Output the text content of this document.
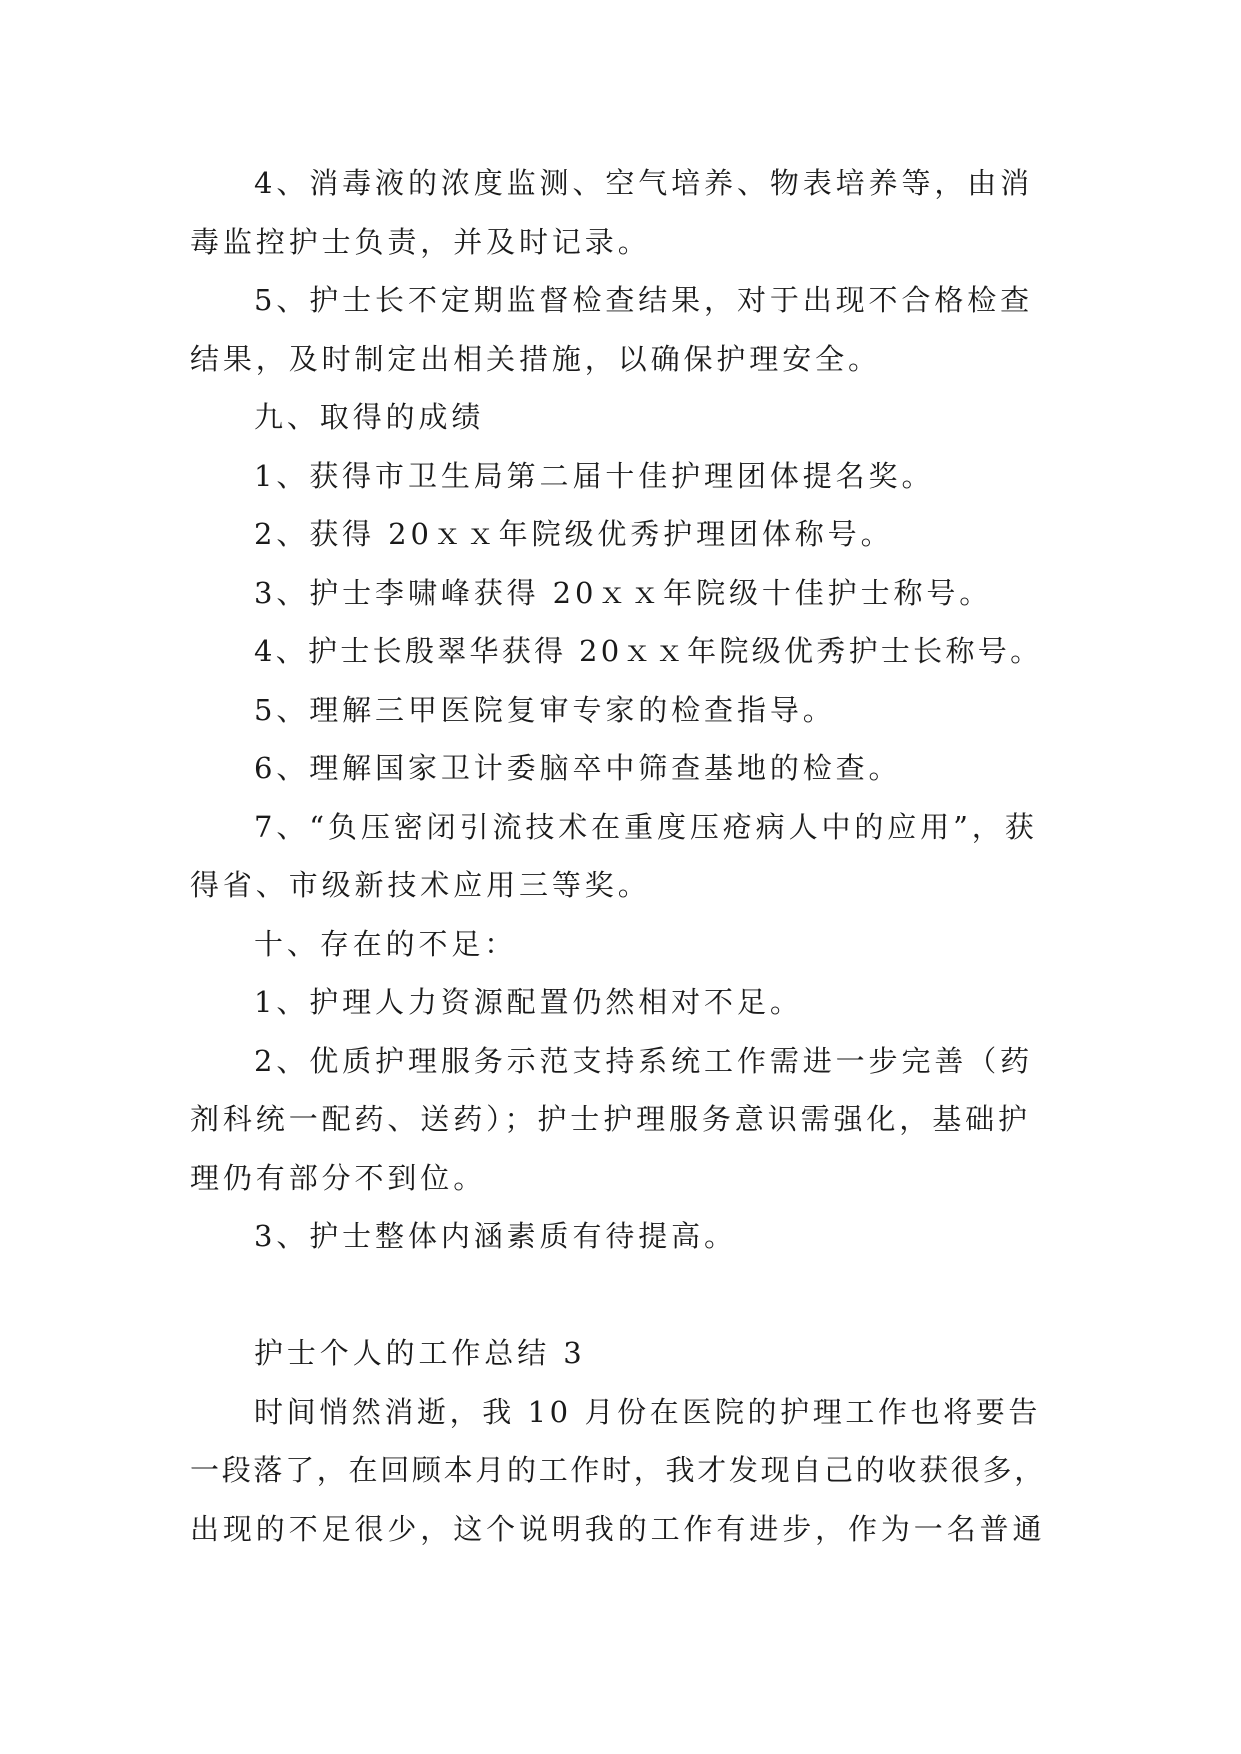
4、消毒液的浓度监测、空气培养、物表培养等，由消

毒监控护士负责，并及时记录。

5、护士长不定期监督检查结果，对于出现不合格检查

结果，及时制定出相关措施，以确保护理安全。

九、取得的成绩

1、获得市卫生局第二届十佳护理团体提名奖。

2、获得 20ｘｘ年院级优秀护理团体称号。

3、护士李啸峰获得 20ｘｘ年院级十佳护士称号。

4、护士长殷翠华获得 20ｘｘ年院级优秀护士长称号。

5、理解三甲医院复审专家的检查指导。

6、理解国家卫计委脑卒中筛查基地的检查。

7、“负压密闭引流技术在重度压疮病人中的应用”，获

得省、市级新技术应用三等奖。

十、存在的不足：

1、护理人力资源配置仍然相对不足。

2、优质护理服务示范支持系统工作需进一步完善（药

剂科统一配药、送药）；护士护理服务意识需强化，基础护

理仍有部分不到位。

3、护士整体内涵素质有待提高。

护士个人的工作总结 3

时间悄然消逝，我 10 月份在医院的护理工作也将要告

一段落了，在回顾本月的工作时，我才发现自己的收获很多，

出现的不足很少，这个说明我的工作有进步，作为一名普通
